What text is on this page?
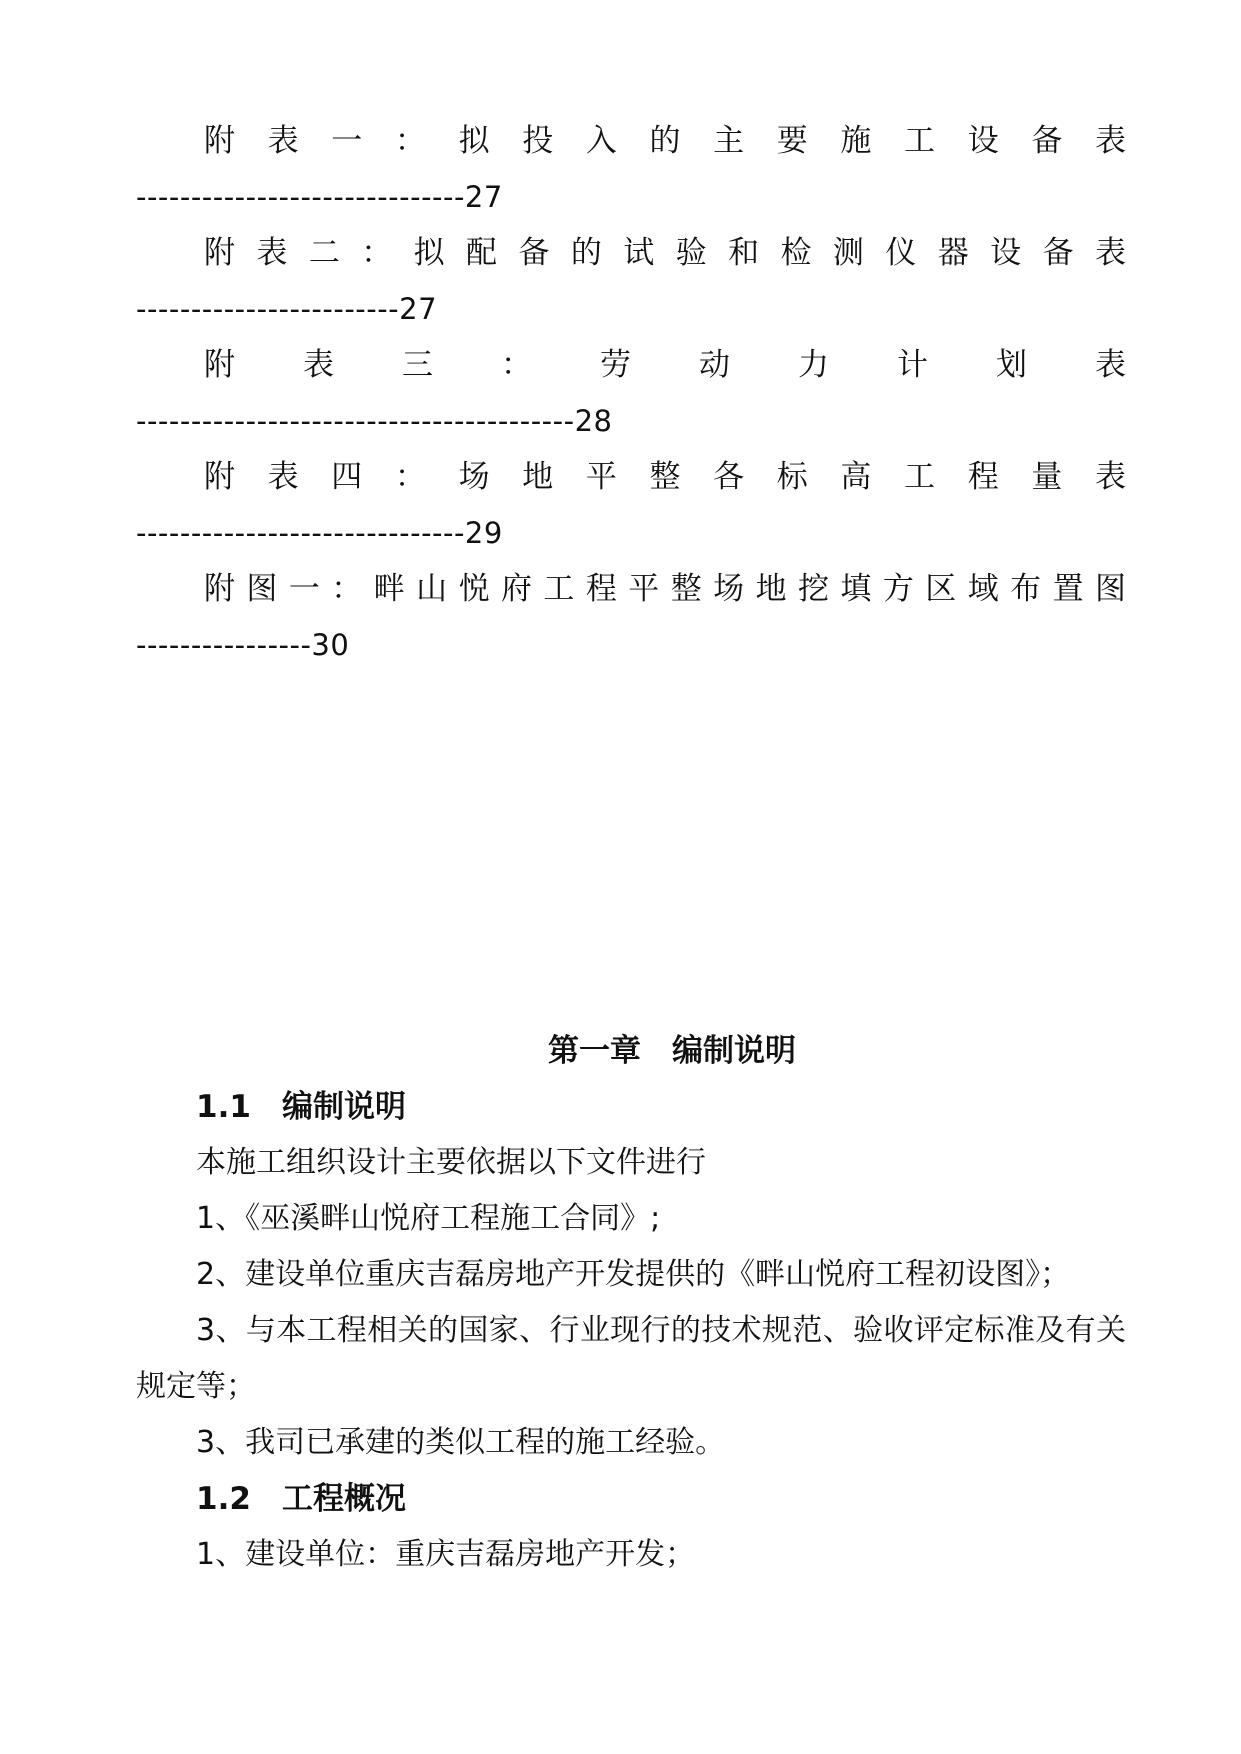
附 表 一 ： 拟 投 入 的 主 要 施 工 设 备 表
------------------------------27
附 表 二 ： 拟 配 备 的 试 验 和 检 测 仪 器 设 备 表
------------------------27
附 表 三 ： 劳 动 力 计 划 表
----------------------------------------28
附 表 四 ： 场 地 平 整 各 标 高 工 程 量 表
------------------------------29
附 图 一 ： 畔 山 悦 府 工 程 平 整 场 地 挖 填 方 区 域 布 置 图
----------------30
第一章　编制说明
1.1 编制说明

本施工组织设计主要依据以下文件进行

1、《巫溪畔山悦府工程施工合同》;

2、建设单位重庆吉磊房地产开发提供的《畔山悦府工程初设图》；

3、与本工程相关的国家、行业现行的技术规范、验收评定标准及有关规定等；

3、我司已承建的类似工程的施工经验。

1.2 工程概况

1、建设单位：重庆吉磊房地产开发；
